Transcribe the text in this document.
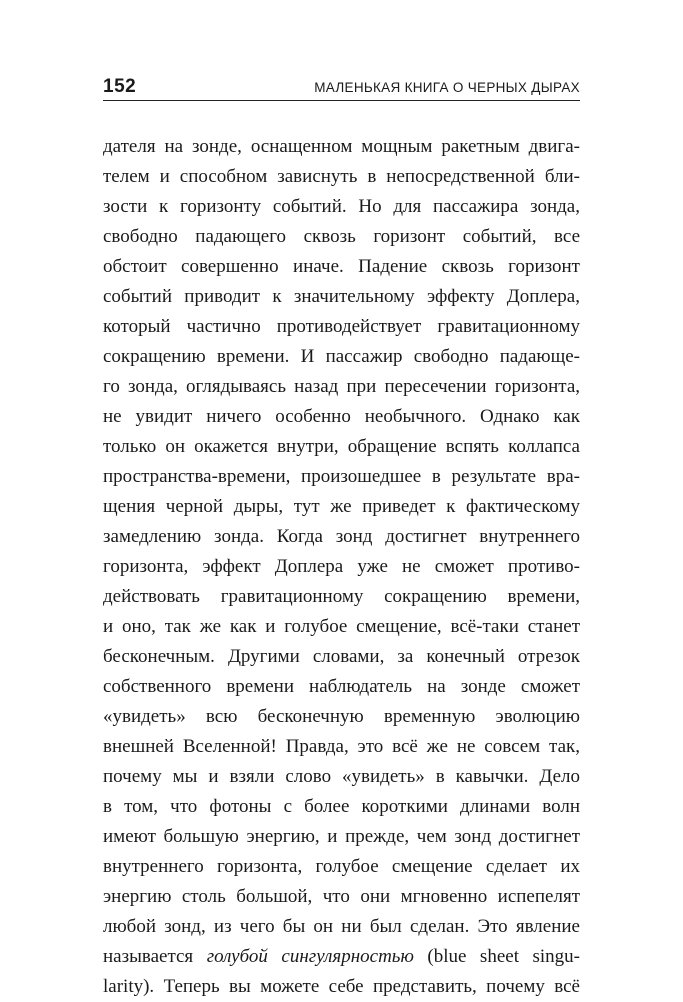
152	МАЛЕНЬКАЯ КНИГА О ЧЕРНЫХ ДЫРАХ
дателя на зонде, оснащенном мощным ракетным двига-
телем и способном зависнуть в непосредственной бли-
зости к горизонту событий. Но для пассажира зонда,
свободно падающего сквозь горизонт событий, все
обстоит совершенно иначе. Падение сквозь горизонт
событий приводит к значительному эффекту Доплера,
который частично противодействует гравитационному
сокращению времени. И пассажир свободно падающе-
го зонда, оглядываясь назад при пересечении горизонта,
не увидит ничего особенно необычного. Однако как
только он окажется внутри, обращение вспять коллапса
пространства-времени, произошедшее в результате вра-
щения черной дыры, тут же приведет к фактическому
замедлению зонда. Когда зонд достигнет внутреннего
горизонта, эффект Доплера уже не сможет противо-
действовать гравитационному сокращению времени,
и оно, так же как и голубое смещение, всё-таки станет
бесконечным. Другими словами, за конечный отрезок
собственного времени наблюдатель на зонде сможет
«увидеть» всю бесконечную временную эволюцию
внешней Вселенной! Правда, это всё же не совсем так,
почему мы и взяли слово «увидеть» в кавычки. Дело
в том, что фотоны с более короткими длинами волн
имеют большую энергию, и прежде, чем зонд достигнет
внутреннего горизонта, голубое смещение сделает их
энергию столь большой, что они мгновенно испепелят
любой зонд, из чего бы он ни был сделан. Это явление
называется голубой сингулярностью (blue sheet singu-
larity). Теперь вы можете себе представить, почему всё
